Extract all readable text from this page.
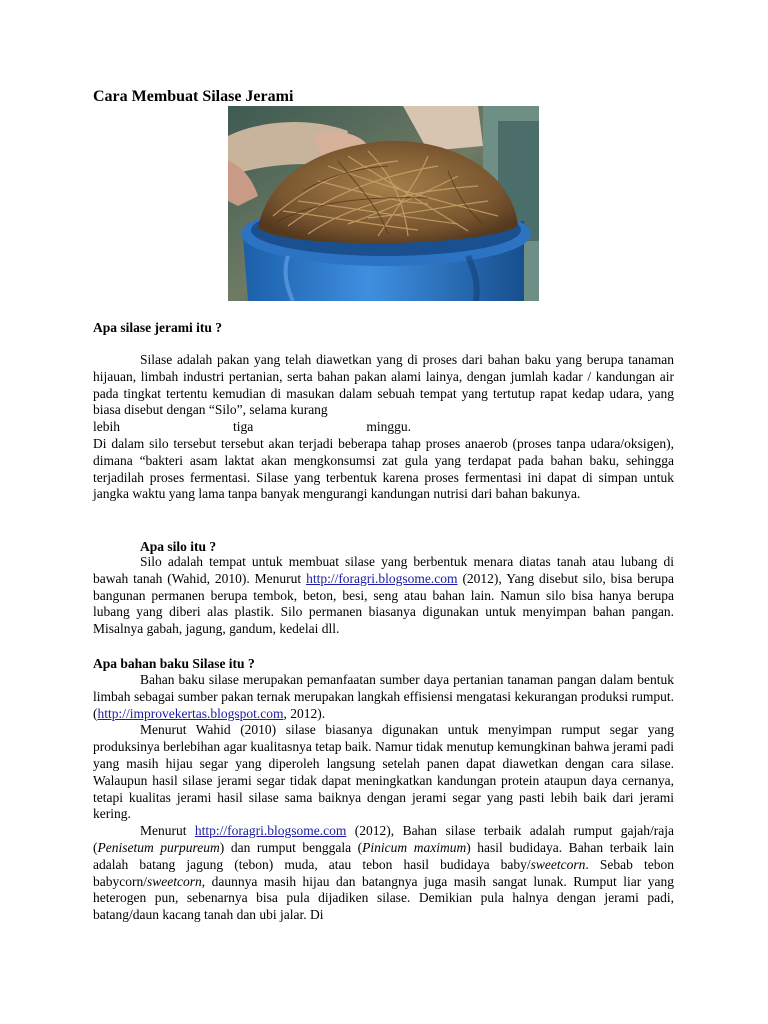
Cara Membuat Silase Jerami
Apa silase jerami itu ?

Silase adalah pakan yang telah diawetkan yang di proses dari bahan baku yang berupa tanaman hijauan, limbah industri pertanian, serta bahan pakan alami lainya, dengan jumlah kadar / kandungan air pada tingkat tertentu kemudian di masukan dalam sebuah tempat yang tertutup rapat kedap udara, yang biasa disebut dengan “Silo”, selama kurang

lebih	tiga	minggu.

Di dalam silo tersebut tersebut akan terjadi beberapa tahap proses anaerob (proses tanpa udara/oksigen), dimana “bakteri asam laktat akan mengkonsumsi zat gula yang terdapat pada bahan baku, sehingga terjadilah proses fermentasi. Silase yang terbentuk karena proses fermentasi ini dapat di simpan untuk jangka waktu yang lama tanpa banyak mengurangi kandungan nutrisi dari bahan bakunya.

Apa silo itu ?

Silo adalah tempat untuk membuat silase yang berbentuk menara diatas tanah atau lubang di bawah tanah (Wahid, 2010). Menurut http://foragri.blogsome.com (2012), Yang disebut silo, bisa berupa bangunan permanen berupa tembok, beton, besi, seng atau bahan lain. Namun silo bisa hanya berupa lubang yang diberi alas plastik. Silo permanen biasanya digunakan untuk menyimpan bahan pangan. Misalnya gabah, jagung, gandum, kedelai dll.

Apa bahan baku Silase itu ?

Bahan baku silase merupakan pemanfaatan sumber daya pertanian tanaman pangan dalam bentuk limbah sebagai sumber pakan ternak merupakan langkah effisiensi mengatasi kekurangan produksi rumput. (http://improvekertas.blogspot.com, 2012).

Menurut Wahid (2010) silase biasanya digunakan untuk menyimpan rumput segar yang produksinya berlebihan agar kualitasnya tetap baik. Namur tidak menutup kemungkinan bahwa jerami padi yang masih hijau segar yang diperoleh langsung setelah panen dapat diawetkan dengan cara silase. Walaupun hasil silase jerami segar tidak dapat meningkatkan kandungan protein ataupun daya cernanya, tetapi kualitas jerami hasil silase sama baiknya dengan jerami segar yang pasti lebih baik dari jerami kering.

Menurut http://foragri.blogsome.com (2012), Bahan silase terbaik adalah rumput gajah/raja (Penisetum purpureum) dan rumput benggala (Pinicum maximum) hasil budidaya. Bahan terbaik lain adalah batang jagung (tebon) muda, atau tebon hasil budidaya baby/sweetcorn. Sebab tebon babycorn/sweetcorn, daunnya masih hijau dan batangnya juga masih sangat lunak. Rumput liar yang heterogen pun, sebenarnya bisa pula dijadiken silase. Demikian pula halnya dengan jerami padi, batang/daun kacang tanah dan ubi jalar. Di
